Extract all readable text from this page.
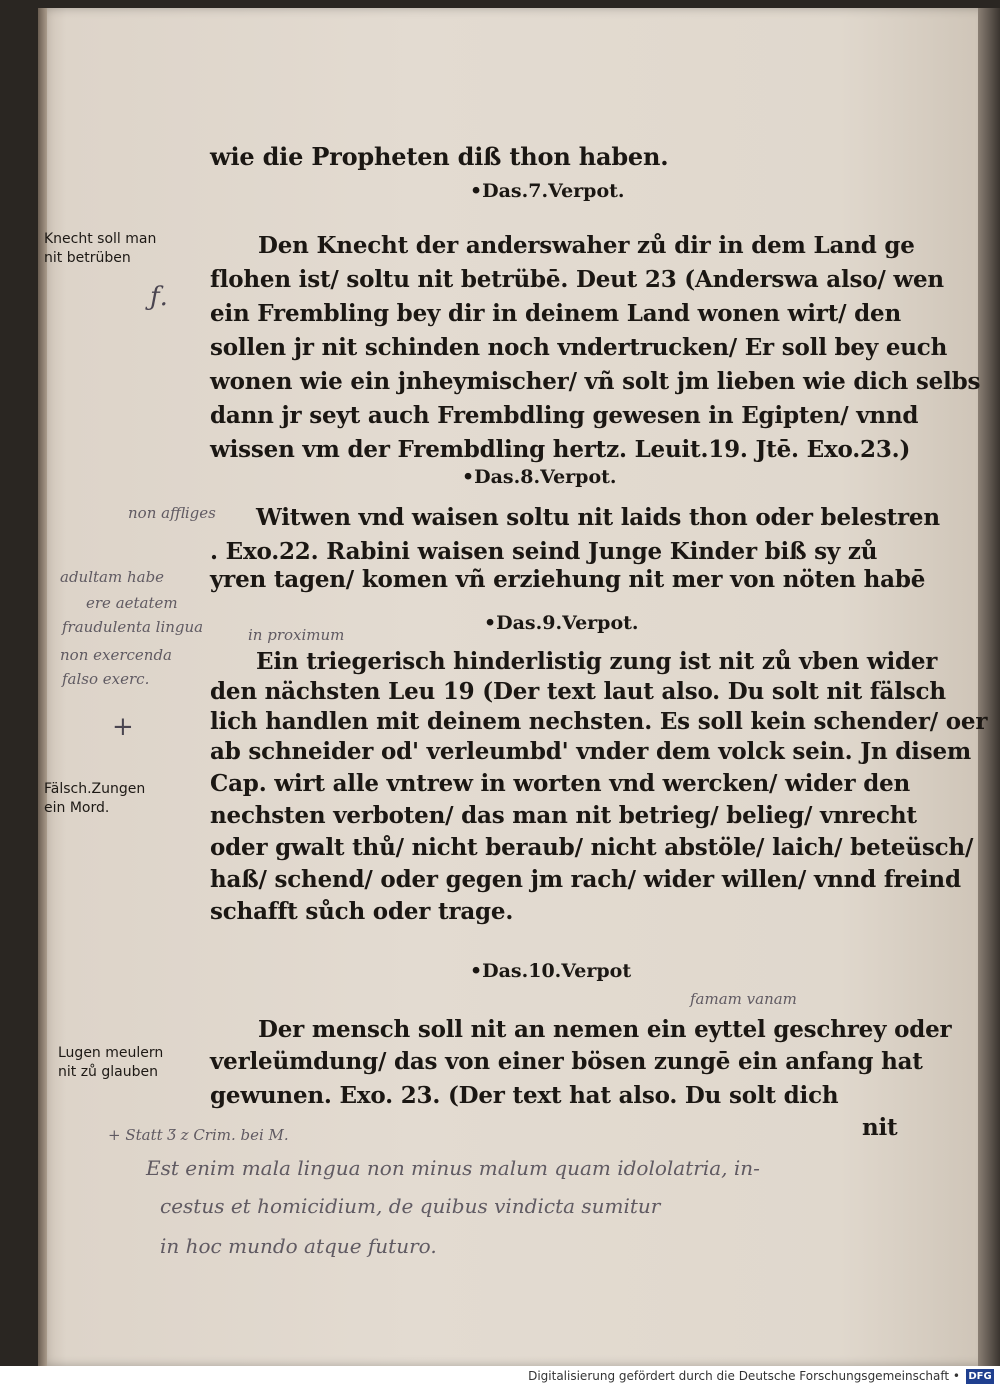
wie die Propheten diß thon haben.
•Das.7.Verpot.
Den Knecht der anderswaher zů dir in dem Land ge
flohen ist/ soltu nit betrübē. Deut 23 (Anderswa also/ wen
ein Frembling bey dir in deinem Land wonen wirt/ den
sollen jr nit schinden noch vndertrucken/ Er soll bey euch
wonen wie ein jnheymischer/ vñ solt jm lieben wie dich selbs
dann jr seyt auch Frembdling gewesen in Egipten/ vnnd
wissen vm der Frembdling hertz. Leuit.19. Jtē. Exo.23.)
•Das.8.Verpot.
Witwen vnd waisen soltu nit laids thon oder belestren
. Exo.22. Rabini waisen seind Junge Kinder biß sy zů
yren tagen/ komen vñ erziehung nit mer von nöten habē
•Das.9.Verpot.
Ein triegerisch hinderlistig zung ist nit zů vben wider
den nächsten Leu 19 (Der text laut also. Du solt nit fälsch
lich handlen mit deinem nechsten. Es soll kein schender/ oer
ab schneider od' verleumbd' vnder dem volck sein. Jn disem
Cap. wirt alle vntrew in worten vnd wercken/ wider den
nechsten verboten/ das man nit betrieg/ belieg/ vnrecht
oder gwalt thů/ nicht beraub/ nicht abstöle/ laich/ beteüsch/
haß/ schend/ oder gegen jm rach/ wider willen/ vnnd freind
schafft sůch oder trage.
•Das.10.Verpot
Der mensch soll nit an nemen ein eyttel geschrey oder
verleümdung/ das von einer bösen zungē ein anfang hat
gewunen. Exo. 23. (Der text hat also. Du solt dich
nit
Knecht soll man
nit betrüben
Fälsch.Zungen
ein Mord.
Lugen meulern
nit zů glauben
ƒ.
+
non affliges
adultam habe
ere aetatem
fraudulenta lingua	in proximum
non exercenda
falso exerc.
famam vanam
+ Statt Ʒ z Crim. bei M.
Est enim mala lingua non minus malum quam idololatria, in-
cestus et homicidium, de quibus vindicta sumitur
in hoc mundo atque futuro.
Digitalisierung gefördert durch die Deutsche Forschungsgemeinschaft • DFG
